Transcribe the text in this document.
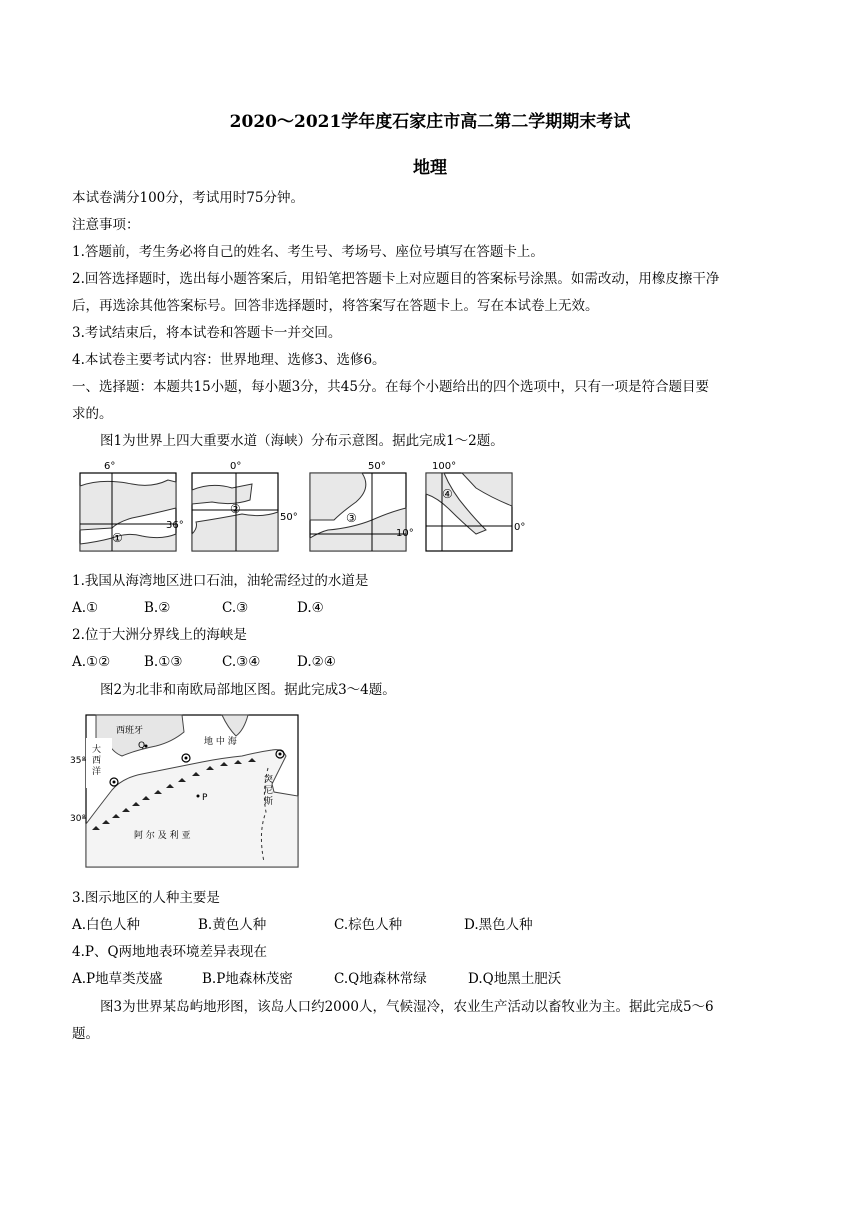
2020～2021学年度石家庄市高二第二学期期末考试
地理
本试卷满分100分，考试用时75分钟。
注意事项：
1.答题前，考生务必将自己的姓名、考生号、考场号、座位号填写在答题卡上。
2.回答选择题时，选出每小题答案后，用铅笔把答题卡上对应题目的答案标号涂黑。如需改动，用橡皮擦干净
后，再选涂其他答案标号。回答非选择题时，将答案写在答题卡上。写在本试卷上无效。
3.考试结束后，将本试卷和答题卡一并交回。
4.本试卷主要考试内容：世界地理、选修3、选修6。
一、选择题：本题共15小题，每小题3分，共45分。在每个小题给出的四个选项中，只有一项是符合题目要
求的。
图1为世界上四大重要水道（海峡）分布示意图。据此完成1～2题。
6°
36°
①
0°
50°
②
50°
10°
③
100°
0°
④
1.我国从海湾地区进口石油，油轮需经过的水道是
A.①	B.②	C.③	D.④
2.位于大洲分界线上的海峡是
A.①②	B.①③	C.③④	D.②④
图2为北非和南欧局部地区图。据此完成3～4题。
西班牙
Q	地 中 海
大
西
洋
35°
30°
P
突
尼
斯
阿 尔 及 利 亚
3.图示地区的人种主要是
A.白色人种	B.黄色人种	C.棕色人种	D.黑色人种
4.P、Q两地地表环境差异表现在
A.P地草类茂盛	B.P地森林茂密	C.Q地森林常绿	D.Q地黑土肥沃
图3为世界某岛屿地形图，该岛人口约2000人，气候湿冷，农业生产活动以畜牧业为主。据此完成5～6
题。
